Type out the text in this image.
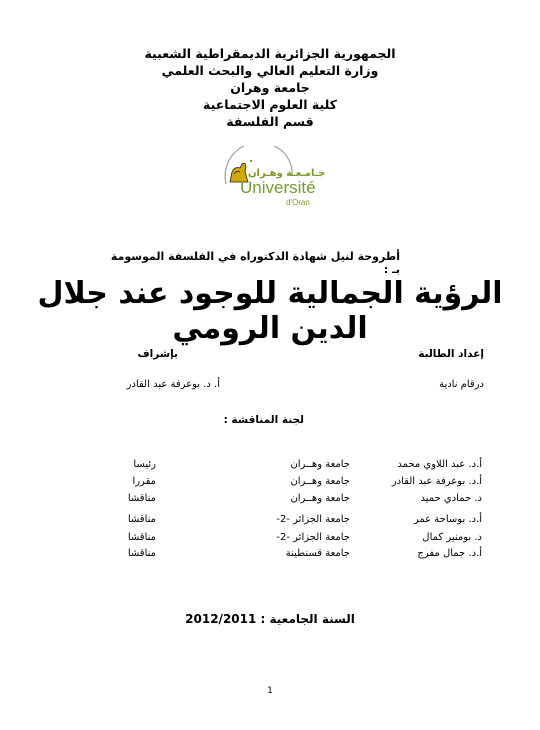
الجمهورية الجزائرية الديمقراطية الشعبية
وزارة التعليم العالي والبحث العلمي
جامعة وهران
كلية العلوم الاجتماعية
قسم الفلسفة
جـامـعـة وهـران
Université
d'Oran
أطروحة لنيل شهادة الدكتوراه في الفلسفة الموسومة بـ :
الرؤية الجمالية للوجود عند جلال الدين الرومي
إعداد الطالبة
بإشراف
درقام نادية
أ. د. بوعرفة عبد القادر
لجنة المناقشة :
أ.د. عبد اللاوي محمد
جامعة وهــران
رئيسا
أ.د. بوعرفة عبد القادر
جامعة وهــران
مقررا
د. حمادي حميد
جامعة وهــران
مناقشا
أ.د. بوساحة عمر
جامعة الجزائر -2-
مناقشا
د. بومنير كمال
جامعة الجزائر -2-
مناقشا
أ.د. جمال مفرج
جامعة قسنطينة
مناقشا
السنة الجامعية : 2012/2011
1
